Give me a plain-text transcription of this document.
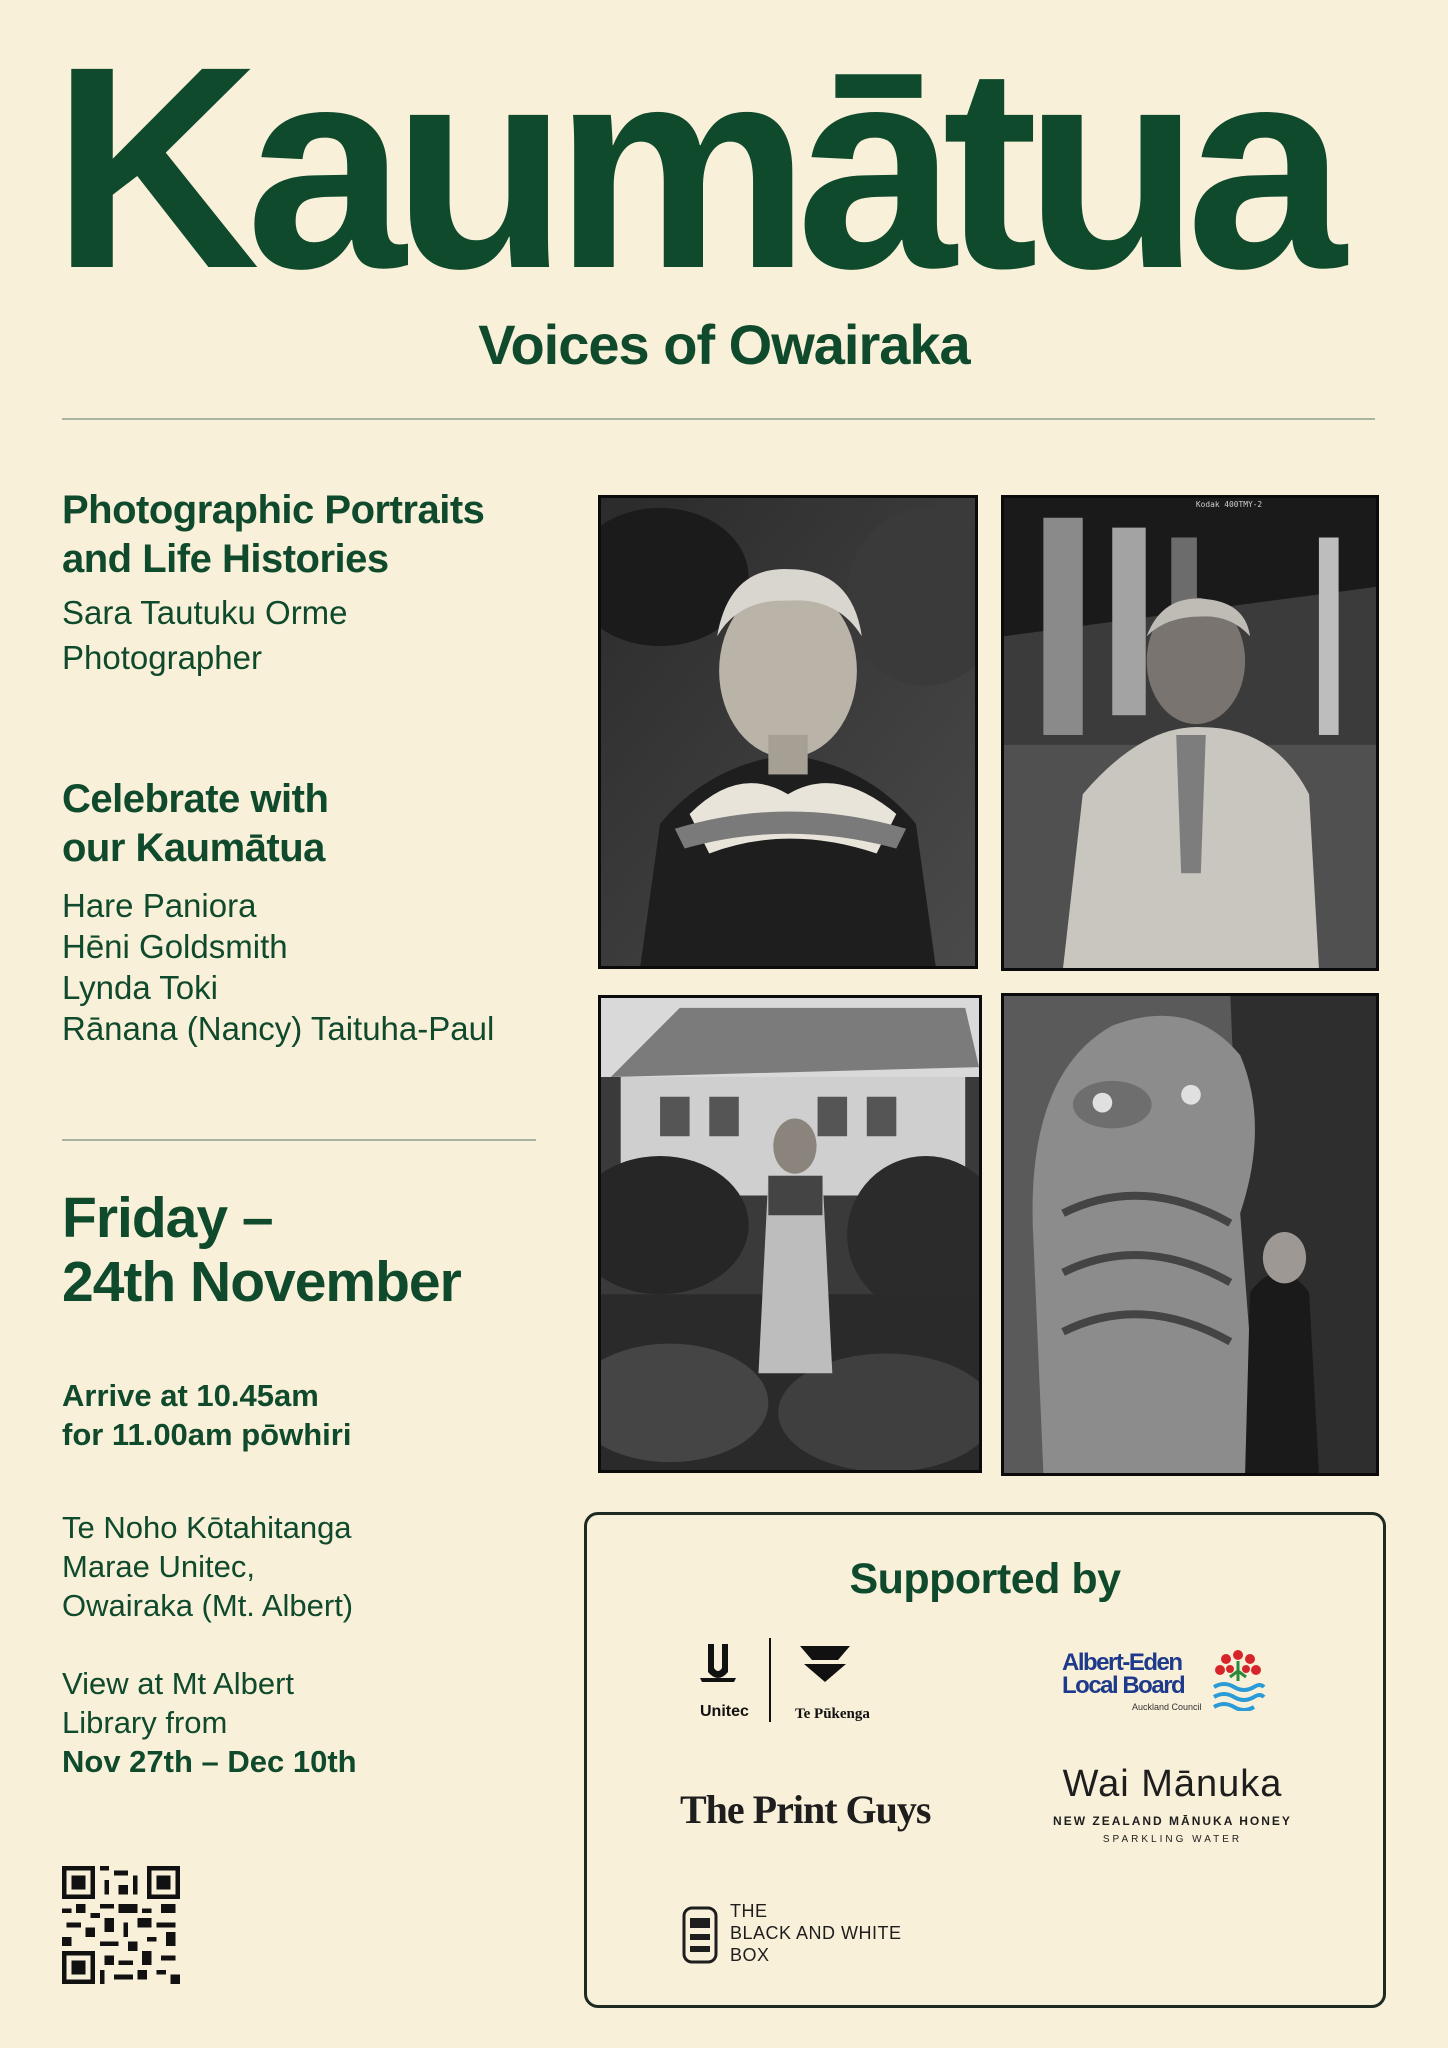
Kaumātua
Voices of Owairaka
Photographic Portraits
and Life Histories
Sara Tautuku Orme
Photographer
Celebrate with
our Kaumātua
Hare Paniora
Hēni Goldsmith
Lynda Toki
Rānana (Nancy) Taituha-Paul
Friday –
24th November
Arrive at 10.45am
for 11.00am pōwhiri
Te Noho Kōtahitanga
Marae Unitec,
Owairaka (Mt. Albert)
View at Mt Albert
Library from
Nov 27th – Dec 10th
Kodak 400TMY-2
Supported by
Unitec	Te Pūkenga
Albert-Eden
Local Board
Auckland Council
The Print Guys
Wai Mānuka
NEW ZEALAND MĀNUKA HONEY
SPARKLING WATER
THE
BLACK AND WHITE
BOX
